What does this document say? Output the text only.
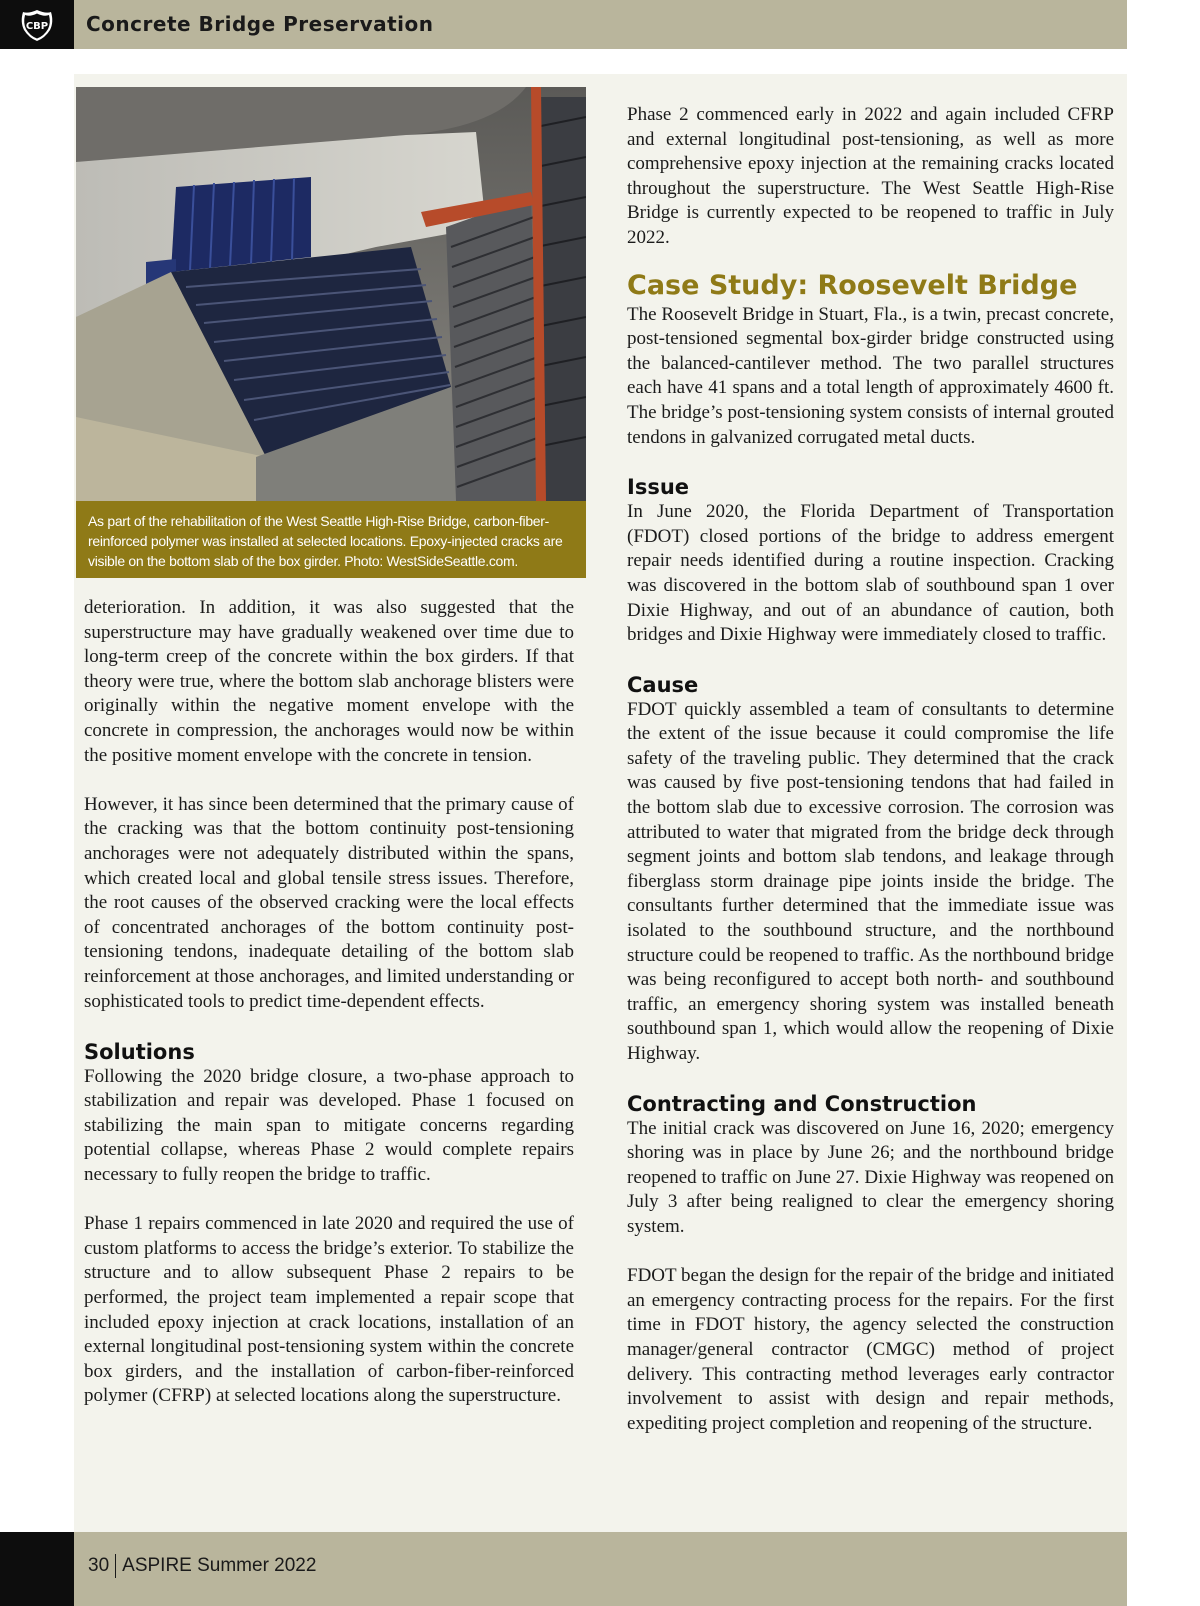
CBP Concrete Bridge Preservation
As part of the rehabilitation of the West Seattle High-Rise Bridge, carbon-fiber-reinforced polymer was installed at selected locations. Epoxy-injected cracks are visible on the bottom slab of the box girder. Photo: WestSideSeattle.com.

deterioration. In addition, it was also suggested that the superstructure may have gradually weakened over time due to long-term creep of the concrete within the box girders. If that theory were true, where the bottom slab anchorage blisters were originally within the negative moment envelope with the concrete in compression, the anchorages would now be within the positive moment envelope with the concrete in tension.

However, it has since been determined that the primary cause of the cracking was that the bottom continuity post-tensioning anchorages were not adequately distributed within the spans, which created local and global tensile stress issues. Therefore, the root causes of the observed cracking were the local effects of concentrated anchorages of the bottom continuity post-tensioning tendons, inadequate detailing of the bottom slab reinforcement at those anchorages, and limited understanding or sophisticated tools to predict time-dependent effects.

Solutions

Following the 2020 bridge closure, a two-phase approach to stabilization and repair was developed. Phase 1 focused on stabilizing the main span to mitigate concerns regarding potential collapse, whereas Phase 2 would complete repairs necessary to fully reopen the bridge to traffic.

Phase 1 repairs commenced in late 2020 and required the use of custom platforms to access the bridge’s exterior. To stabilize the structure and to allow subsequent Phase 2 repairs to be performed, the project team implemented a repair scope that included epoxy injection at crack locations, installation of an external longitudinal post-tensioning system within the concrete box girders, and the installation of carbon-fiber-reinforced polymer (CFRP) at selected locations along the superstructure.

Phase 2 commenced early in 2022 and again included CFRP and external longitudinal post-tensioning, as well as more comprehensive epoxy injection at the remaining cracks located throughout the superstructure. The West Seattle High-Rise Bridge is currently expected to be reopened to traffic in July 2022.

Case Study: Roosevelt Bridge

The Roosevelt Bridge in Stuart, Fla., is a twin, precast concrete, post-tensioned segmental box-girder bridge constructed using the balanced-cantilever method. The two parallel structures each have 41 spans and a total length of approximately 4600 ft. The bridge’s post-tensioning system consists of internal grouted tendons in galvanized corrugated metal ducts.

Issue

In June 2020, the Florida Department of Transportation (FDOT) closed portions of the bridge to address emergent repair needs identified during a routine inspection. Cracking was discovered in the bottom slab of southbound span 1 over Dixie Highway, and out of an abundance of caution, both bridges and Dixie Highway were immediately closed to traffic.

Cause

FDOT quickly assembled a team of consultants to determine the extent of the issue because it could compromise the life safety of the traveling public. They determined that the crack was caused by five post-tensioning tendons that had failed in the bottom slab due to excessive corrosion. The corrosion was attributed to water that migrated from the bridge deck through segment joints and bottom slab tendons, and leakage through fiberglass storm drainage pipe joints inside the bridge. The consultants further determined that the immediate issue was isolated to the southbound structure, and the northbound structure could be reopened to traffic. As the northbound bridge was being reconfigured to accept both north- and southbound traffic, an emergency shoring system was installed beneath southbound span 1, which would allow the reopening of Dixie Highway.

Contracting and Construction

The initial crack was discovered on June 16, 2020; emergency shoring was in place by June 26; and the northbound bridge reopened to traffic on June 27. Dixie Highway was reopened on July 3 after being realigned to clear the emergency shoring system.

FDOT began the design for the repair of the bridge and initiated an emergency contracting process for the repairs. For the first time in FDOT history, the agency selected the construction manager/general contractor (CMGC) method of project delivery. This contracting method leverages early contractor involvement to assist with design and repair methods, expediting project completion and reopening of the structure.

30 ASPIRE Summer 2022
